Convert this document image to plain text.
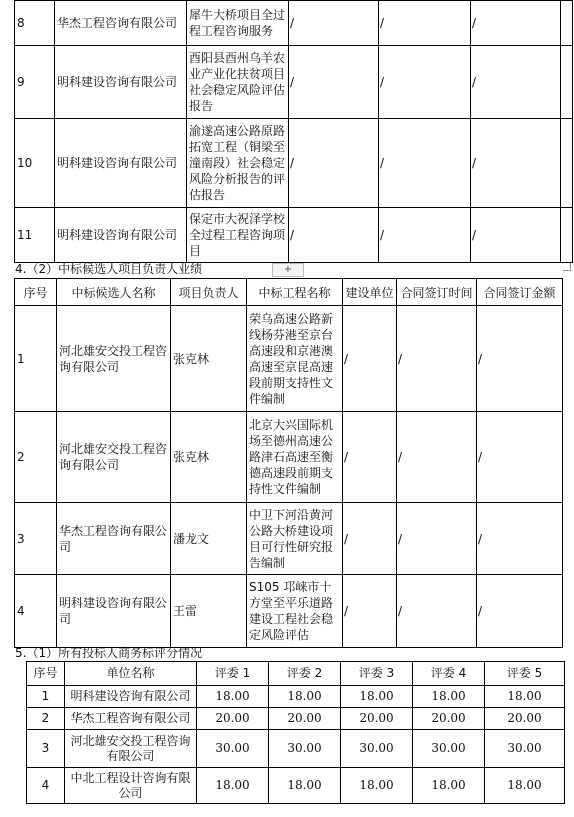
8	华杰工程咨询有限公司	犀牛大桥项目全过程工程咨询服务	/	/	/	
9	明科建设咨询有限公司	酉阳县酉州乌羊农业产业化扶贫项目社会稳定风险评估报告	/	/	/	
10	明科建设咨询有限公司	渝遂高速公路原路拓宽工程（铜梁至潼南段）社会稳定风险分析报告的评估报告	/	/	/	
11	明科建设咨询有限公司	保定市大祝泽学校全过程工程咨询项目	/	/	/	
4.（2）中标候选人项目负责人业绩	+
序号	中标候选人名称	项目负责人	中标工程名称	建设单位	合同签订时间	合同签订金额
1	河北雄安交投工程咨询有限公司	张克林	荣乌高速公路新线杨芬港至京台高速段和京港澳高速至京昆高速段前期支持性文件编制	/	/	/
2	河北雄安交投工程咨询有限公司	张克林	北京大兴国际机场至德州高速公路津石高速至衡德高速段前期支持性文件编制	/	/	/
3	华杰工程咨询有限公司	潘龙文	中卫下河沿黄河公路大桥建设项目可行性研究报告编制	/	/	/
4	明科建设咨询有限公司	王雷	S105 邛崃市十方堂至平乐道路建设工程社会稳定风险评估	/	/	/
5.（1）所有投标人商务标评分情况
序号	单位名称	评委 1	评委 2	评委 3	评委 4	评委 5
1	明科建设咨询有限公司	18.00	18.00	18.00	18.00	18.00
2	华杰工程咨询有限公司	20.00	20.00	20.00	20.00	20.00
3	河北雄安交投工程咨询有限公司	30.00	30.00	30.00	30.00	30.00
4	中北工程设计咨询有限公司	18.00	18.00	18.00	18.00	18.00
